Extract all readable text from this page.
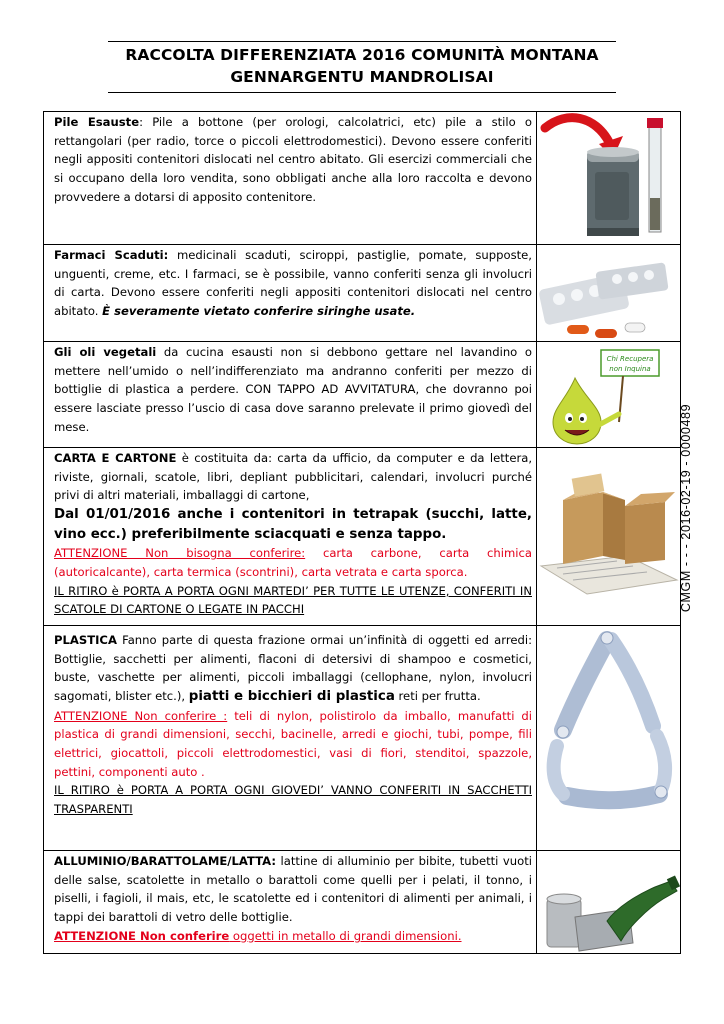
RACCOLTA DIFFERENZIATA 2016 COMUNITÀ MONTANA
GENNARGENTU MANDROLISAI
CMGM - - - 2016-02-19 - 0000489
Pile Esauste: Pile a bottone (per orologi, calcolatrici, etc) pile a stilo o rettangolari (per radio, torce o piccoli elettrodomestici). Devono essere conferiti negli appositi contenitori dislocati nel centro abitato. Gli esercizi commerciali che si occupano della loro vendita, sono obbligati anche alla loro raccolta e devono provvedere a dotarsi di apposito contenitore.
Farmaci Scaduti: medicinali scaduti, sciroppi, pastiglie, pomate, supposte, unguenti, creme, etc. I farmaci, se è possibile, vanno conferiti senza gli involucri di carta. Devono essere conferiti negli appositi contenitori dislocati nel centro abitato. È severamente vietato conferire siringhe usate.
Gli oli vegetali da cucina esausti non si debbono gettare nel lavandino o mettere nell’umido o nell’indifferenziato ma andranno conferiti per mezzo di bottiglie di plastica a perdere. CON TAPPO AD AVVITATURA, che dovranno poi essere lasciate presso l’uscio di casa dove saranno prelevate il primo giovedì del mese.
Chi Recupera
non Inquina
CARTA E CARTONE è costituita da: carta da ufficio, da computer e da lettera, riviste, giornali, scatole, libri, depliant pubblicitari, calendari, involucri purché privi di altri materiali, imballaggi di cartone,
Dal 01/01/2016 anche i contenitori in tetrapak (succhi, latte, vino ecc.) preferibilmente sciacquati e senza tappo.
ATTENZIONE Non bisogna conferire: carta carbone, carta chimica (autoricalcante), carta termica (scontrini), carta vetrata e carta sporca.
IL RITIRO è PORTA A PORTA OGNI MARTEDI’ PER TUTTE LE UTENZE, CONFERITI IN SCATOLE DI CARTONE O LEGATE IN PACCHI
PLASTICA Fanno parte di questa frazione ormai un’infinità di oggetti ed arredi: Bottiglie, sacchetti per alimenti, flaconi di detersivi di shampoo e cosmetici, buste, vaschette per alimenti, piccoli imballaggi (cellophane, nylon, involucri sagomati, blister etc.), piatti e bicchieri di plastica reti per frutta.
ATTENZIONE Non conferire : teli di nylon, polistirolo da imballo, manufatti di plastica di grandi dimensioni, secchi, bacinelle, arredi e giochi, tubi, pompe, fili elettrici, giocattoli, piccoli elettrodomestici, vasi di fiori, stenditoi, spazzole, pettini, componenti auto .
IL RITIRO è PORTA A PORTA OGNI GIOVEDI’ VANNO CONFERITI IN SACCHETTI TRASPARENTI
ALLUMINIO/BARATTOLAME/LATTA: lattine di alluminio per bibite, tubetti vuoti delle salse, scatolette in metallo o barattoli come quelli per i pelati, il tonno, i piselli, i fagioli, il mais, etc, le scatolette ed i contenitori di alimenti per animali, i tappi dei barattoli di vetro delle bottiglie.
ATTENZIONE Non conferire oggetti in metallo di grandi dimensioni.
